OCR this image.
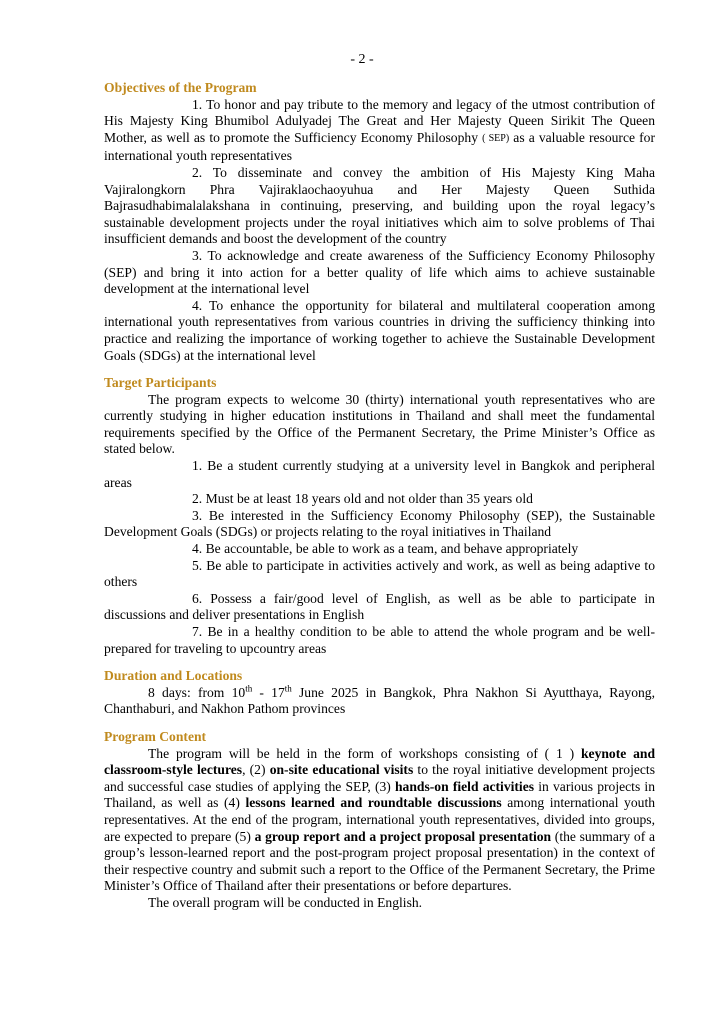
- 2 -

Objectives of the Program

1. To honor and pay tribute to the memory and legacy of the utmost contribution of His Majesty King Bhumibol Adulyadej The Great and Her Majesty Queen Sirikit The Queen Mother, as well as to promote the Sufficiency Economy Philosophy ( SEP) as a valuable resource for international youth representatives

2. To disseminate and convey the ambition of His Majesty King Maha Vajiralongkorn Phra Vajiraklaochaoyuhua and Her Majesty Queen Suthida Bajrasudhabimalalakshana in continuing, preserving, and building upon the royal legacy’s sustainable development projects under the royal initiatives which aim to solve problems of Thai insufficient demands and boost the development of the country

3. To acknowledge and create awareness of the Sufficiency Economy Philosophy (SEP) and bring it into action for a better quality of life which aims to achieve sustainable development at the international level

4. To enhance the opportunity for bilateral and multilateral cooperation among international youth representatives from various countries in driving the sufficiency thinking into practice and realizing the importance of working together to achieve the Sustainable Development Goals (SDGs) at the international level

Target Participants

The program expects to welcome 30 (thirty) international youth representatives who are currently studying in higher education institutions in Thailand and shall meet the fundamental requirements specified by the Office of the Permanent Secretary, the Prime Minister’s Office as stated below.

1. Be a student currently studying at a university level in Bangkok and peripheral areas

2. Must be at least 18 years old and not older than 35 years old

3. Be interested in the Sufficiency Economy Philosophy (SEP), the Sustainable Development Goals (SDGs) or projects relating to the royal initiatives in Thailand

4. Be accountable, be able to work as a team, and behave appropriately

5. Be able to participate in activities actively and work, as well as being adaptive to others

6. Possess a fair/good level of English, as well as be able to participate in discussions and deliver presentations in English

7. Be in a healthy condition to be able to attend the whole program and be well-prepared for traveling to upcountry areas

Duration and Locations

8 days: from 10th - 17th June 2025 in Bangkok, Phra Nakhon Si Ayutthaya, Rayong, Chanthaburi, and Nakhon Pathom provinces

Program Content

The program will be held in the form of workshops consisting of ( 1 ) keynote and classroom-style lectures, (2) on-site educational visits to the royal initiative development projects and successful case studies of applying the SEP, (3) hands-on field activities in various projects in Thailand, as well as (4) lessons learned and roundtable discussions among international youth representatives. At the end of the program, international youth representatives, divided into groups, are expected to prepare (5) a group report and a project proposal presentation (the summary of a group’s lesson-learned report and the post-program project proposal presentation) in the context of their respective country and submit such a report to the Office of the Permanent Secretary, the Prime Minister’s Office of Thailand after their presentations or before departures.

The overall program will be conducted in English.
